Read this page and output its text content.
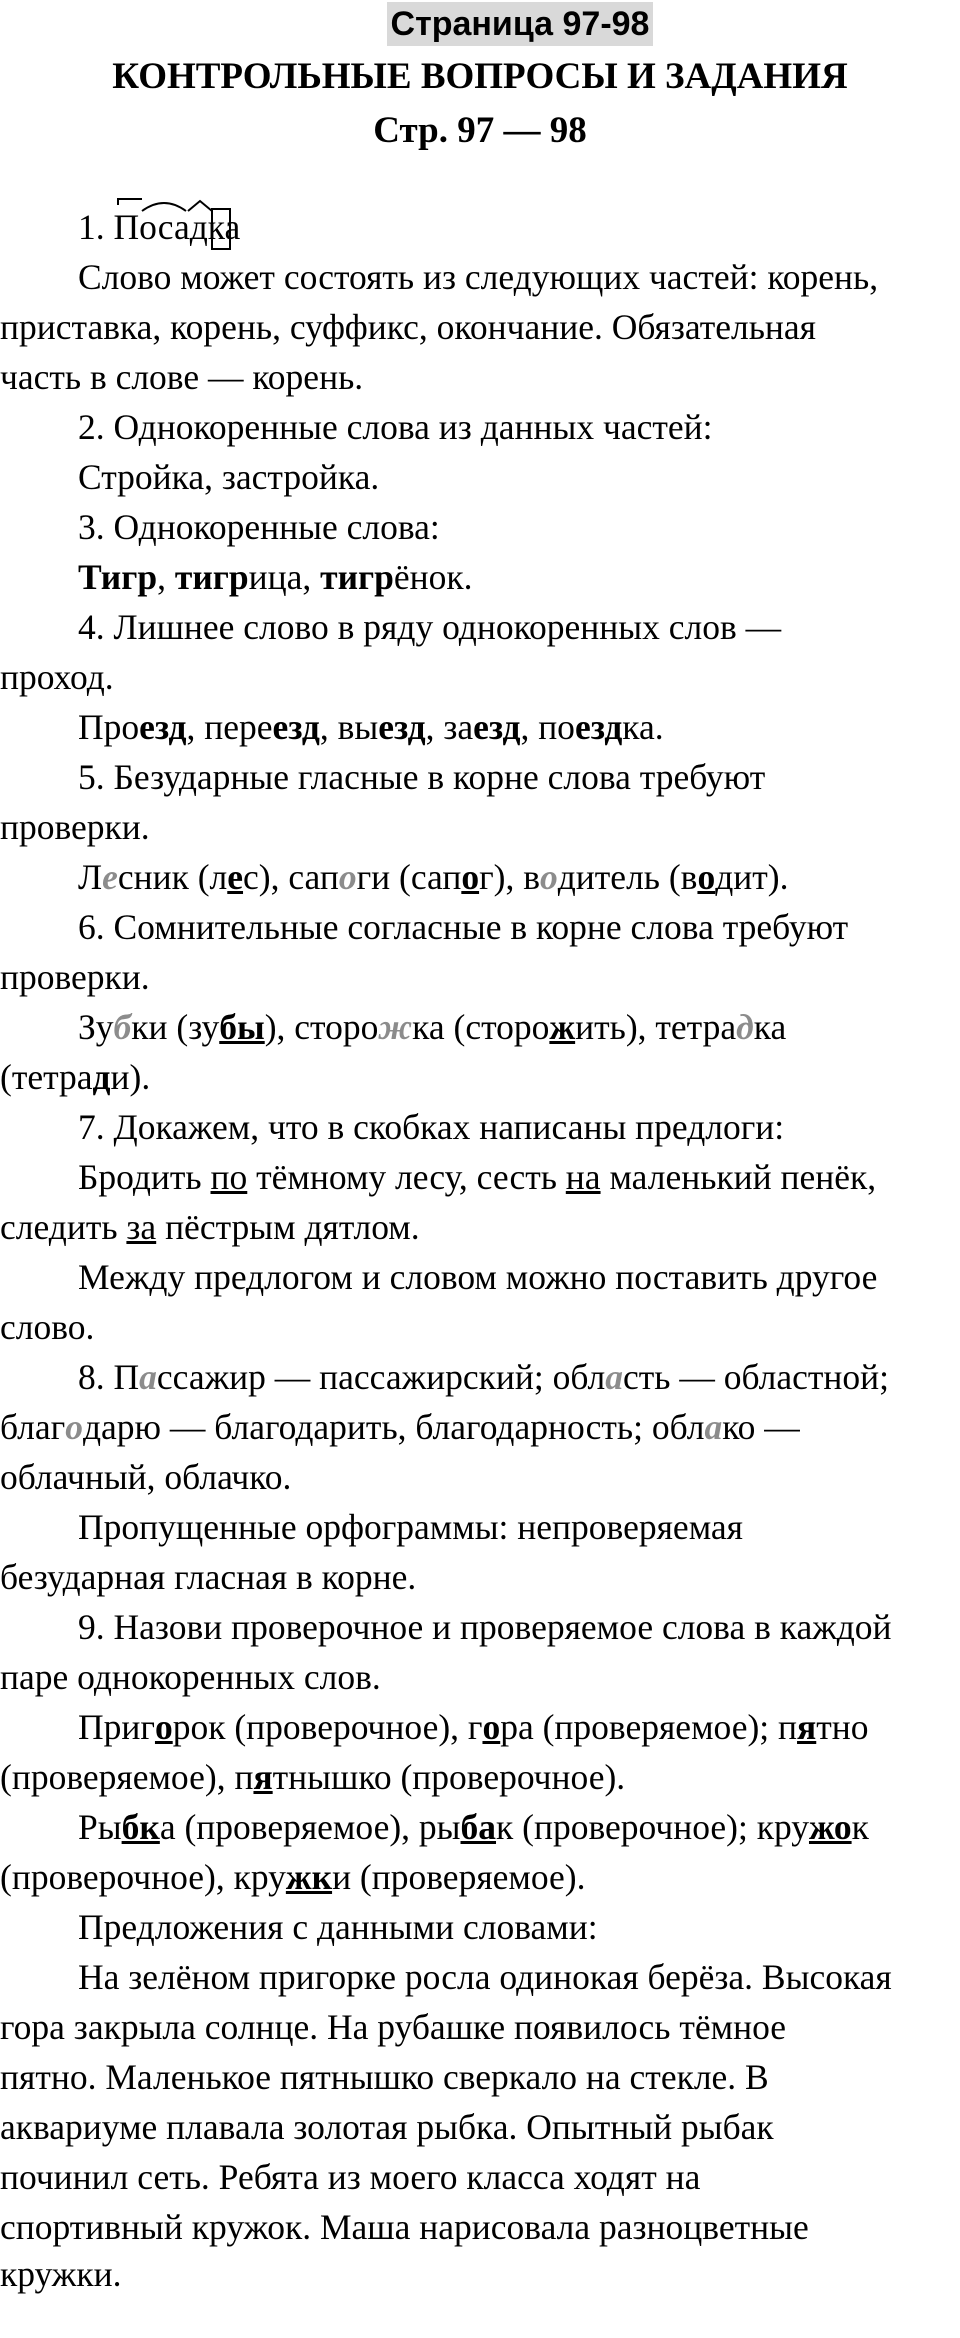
Страница 97-98
КОНТРОЛЬНЫЕ ВОПРОСЫ И ЗАДАНИЯ
Стр. 97 — 98
1. Посадка
Слово может состоять из следующих частей: корень,
приставка, корень, суффикс, окончание. Обязательная
часть в слове — корень.
2. Однокоренные слова из данных частей:
Стройка, застройка.
3. Однокоренные слова:
Тигр, тигрица, тигрёнок.
4. Лишнее слово в ряду однокоренных слов —
проход.
Проезд, переезд, выезд, заезд, поездка.
5. Безударные гласные в корне слова требуют
проверки.
Лесник (лес), сапоги (сапог), водитель (водит).
6. Сомнительные согласные в корне слова требуют
проверки.
Зубки (зубы), сторожка (сторожить), тетрадка
(тетради).
7. Докажем, что в скобках написаны предлоги:
Бродить по тёмному лесу, сесть на маленький пенёк,
следить за пёстрым дятлом.
Между предлогом и словом можно поставить другое
слово.
8. Пассажир — пассажирский; область — областной;
благодарю — благодарить, благодарность; облако —
облачный, облачко.
Пропущенные орфограммы: непроверяемая
безударная гласная в корне.
9. Назови проверочное и проверяемое слова в каждой
паре однокоренных слов.
Пригорок (проверочное), гора (проверяемое); пятно
(проверяемое), пятнышко (проверочное).
Рыбка (проверяемое), рыбак (проверочное); кружок
(проверочное), кружки (проверяемое).
Предложения с данными словами:
На зелёном пригорке росла одинокая берёза. Высокая
гора закрыла солнце. На рубашке появилось тёмное
пятно. Маленькое пятнышко сверкало на стекле. В
аквариуме плавала золотая рыбка. Опытный рыбак
починил сеть. Ребята из моего класса ходят на
спортивный кружок. Маша нарисовала разноцветные
кружки.
